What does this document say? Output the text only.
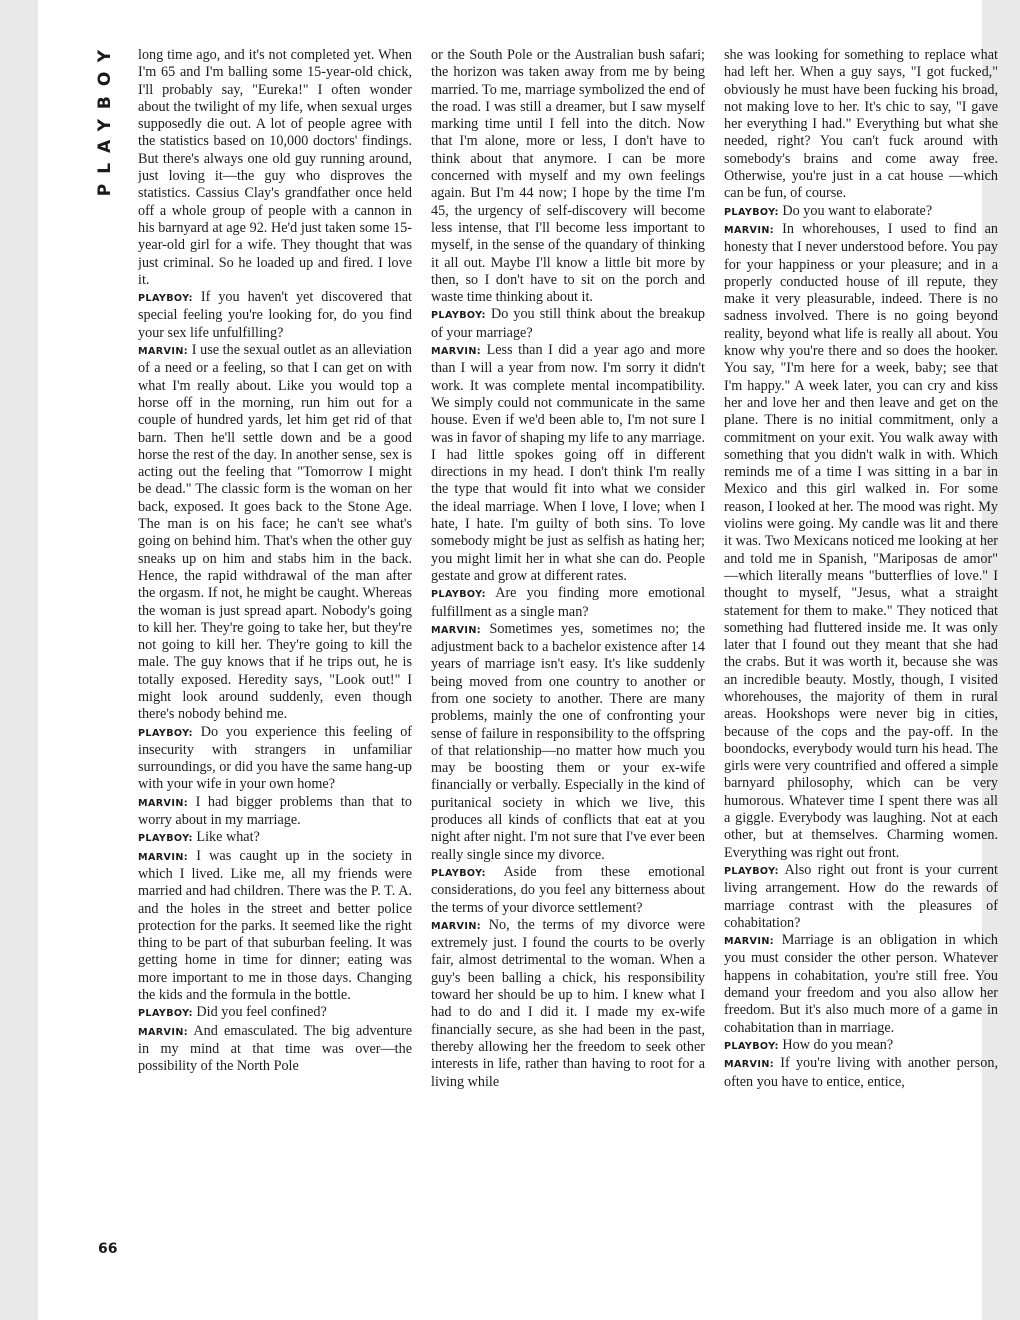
PLAYBOY
66

long time ago, and it's not completed yet. When I'm 65 and I'm balling some 15-year-old chick, I'll probably say, "Eureka!" I often wonder about the twilight of my life, when sexual urges supposedly die out. A lot of people agree with the statistics based on 10,000 doctors' findings. But there's always one old guy running around, just loving it—the guy who disproves the statistics. Cassius Clay's grandfather once held off a whole group of people with a cannon in his barnyard at age 92. He'd just taken some 15-year-old girl for a wife. They thought that was just criminal. So he loaded up and fired. I love it.

PLAYBOY: If you haven't yet discovered that special feeling you're looking for, do you find your sex life unfulfilling?

MARVIN: I use the sexual outlet as an alleviation of a need or a feeling, so that I can get on with what I'm really about. Like you would top a horse off in the morning, run him out for a couple of hundred yards, let him get rid of that barn. Then he'll settle down and be a good horse the rest of the day. In another sense, sex is acting out the feeling that "Tomorrow I might be dead." The classic form is the woman on her back, exposed. It goes back to the Stone Age. The man is on his face; he can't see what's going on behind him. That's when the other guy sneaks up on him and stabs him in the back. Hence, the rapid withdrawal of the man after the orgasm. If not, he might be caught. Whereas the woman is just spread apart. Nobody's going to kill her. They're going to take her, but they're not going to kill her. They're going to kill the male. The guy knows that if he trips out, he is totally exposed. Heredity says, "Look out!" I might look around suddenly, even though there's nobody behind me.

PLAYBOY: Do you experience this feeling of insecurity with strangers in unfamiliar surroundings, or did you have the same hang-up with your wife in your own home?

MARVIN: I had bigger problems than that to worry about in my marriage.

PLAYBOY: Like what?

MARVIN: I was caught up in the society in which I lived. Like me, all my friends were married and had children. There was the P. T. A. and the holes in the street and better police protection for the parks. It seemed like the right thing to be part of that suburban feeling. It was getting home in time for dinner; eating was more important to me in those days. Changing the kids and the formula in the bottle.

PLAYBOY: Did you feel confined?

MARVIN: And emasculated. The big adventure in my mind at that time was over—the possibility of the North Pole

or the South Pole or the Australian bush safari; the horizon was taken away from me by being married. To me, marriage symbolized the end of the road. I was still a dreamer, but I saw myself marking time until I fell into the ditch. Now that I'm alone, more or less, I don't have to think about that anymore. I can be more concerned with myself and my own feelings again. But I'm 44 now; I hope by the time I'm 45, the urgency of self-discovery will become less intense, that I'll become less important to myself, in the sense of the quandary of thinking it all out. Maybe I'll know a little bit more by then, so I don't have to sit on the porch and waste time thinking about it.

PLAYBOY: Do you still think about the breakup of your marriage?

MARVIN: Less than I did a year ago and more than I will a year from now. I'm sorry it didn't work. It was complete mental incompatibility. We simply could not communicate in the same house. Even if we'd been able to, I'm not sure I was in favor of shaping my life to any marriage. I had little spokes going off in different directions in my head. I don't think I'm really the type that would fit into what we consider the ideal marriage. When I love, I love; when I hate, I hate. I'm guilty of both sins. To love somebody might be just as selfish as hating her; you might limit her in what she can do. People gestate and grow at different rates.

PLAYBOY: Are you finding more emotional fulfillment as a single man?

MARVIN: Sometimes yes, sometimes no; the adjustment back to a bachelor existence after 14 years of marriage isn't easy. It's like suddenly being moved from one country to another or from one society to another. There are many problems, mainly the one of confronting your sense of failure in responsibility to the offspring of that relationship—no matter how much you may be boosting them or your ex-wife financially or verbally. Especially in the kind of puritanical society in which we live, this produces all kinds of conflicts that eat at you night after night. I'm not sure that I've ever been really single since my divorce.

PLAYBOY: Aside from these emotional considerations, do you feel any bitterness about the terms of your divorce settlement?

MARVIN: No, the terms of my divorce were extremely just. I found the courts to be overly fair, almost detrimental to the woman. When a guy's been balling a chick, his responsibility toward her should be up to him. I knew what I had to do and I did it. I made my ex-wife financially secure, as she had been in the past, thereby allowing her the freedom to seek other interests in life, rather than having to root for a living while

she was looking for something to replace what had left her. When a guy says, "I got fucked," obviously he must have been fucking his broad, not making love to her. It's chic to say, "I gave her everything I had." Everything but what she needed, right? You can't fuck around with somebody's brains and come away free. Otherwise, you're just in a cat house —which can be fun, of course.

PLAYBOY: Do you want to elaborate?

MARVIN: In whorehouses, I used to find an honesty that I never understood before. You pay for your happiness or your pleasure; and in a properly conducted house of ill repute, they make it very pleasurable, indeed. There is no sadness involved. There is no going beyond reality, beyond what life is really all about. You know why you're there and so does the hooker. You say, "I'm here for a week, baby; see that I'm happy." A week later, you can cry and kiss her and love her and then leave and get on the plane. There is no initial commitment, only a commitment on your exit. You walk away with something that you didn't walk in with. Which reminds me of a time I was sitting in a bar in Mexico and this girl walked in. For some reason, I looked at her. The mood was right. My violins were going. My candle was lit and there it was. Two Mexicans noticed me looking at her and told me in Spanish, "Mariposas de amor" —which literally means "butterflies of love." I thought to myself, "Jesus, what a straight statement for them to make." They noticed that something had fluttered inside me. It was only later that I found out they meant that she had the crabs. But it was worth it, because she was an incredible beauty. Mostly, though, I visited whorehouses, the majority of them in rural areas. Hookshops were never big in cities, because of the cops and the pay-off. In the boondocks, everybody would turn his head. The girls were very countrified and offered a simple barnyard philosophy, which can be very humorous. Whatever time I spent there was all a giggle. Everybody was laughing. Not at each other, but at themselves. Charming women. Everything was right out front.

PLAYBOY: Also right out front is your current living arrangement. How do the rewards of marriage contrast with the pleasures of cohabitation?

MARVIN: Marriage is an obligation in which you must consider the other person. Whatever happens in cohabitation, you're still free. You demand your freedom and you also allow her freedom. But it's also much more of a game in cohabitation than in marriage.

PLAYBOY: How do you mean?

MARVIN: If you're living with another person, often you have to entice, entice,
